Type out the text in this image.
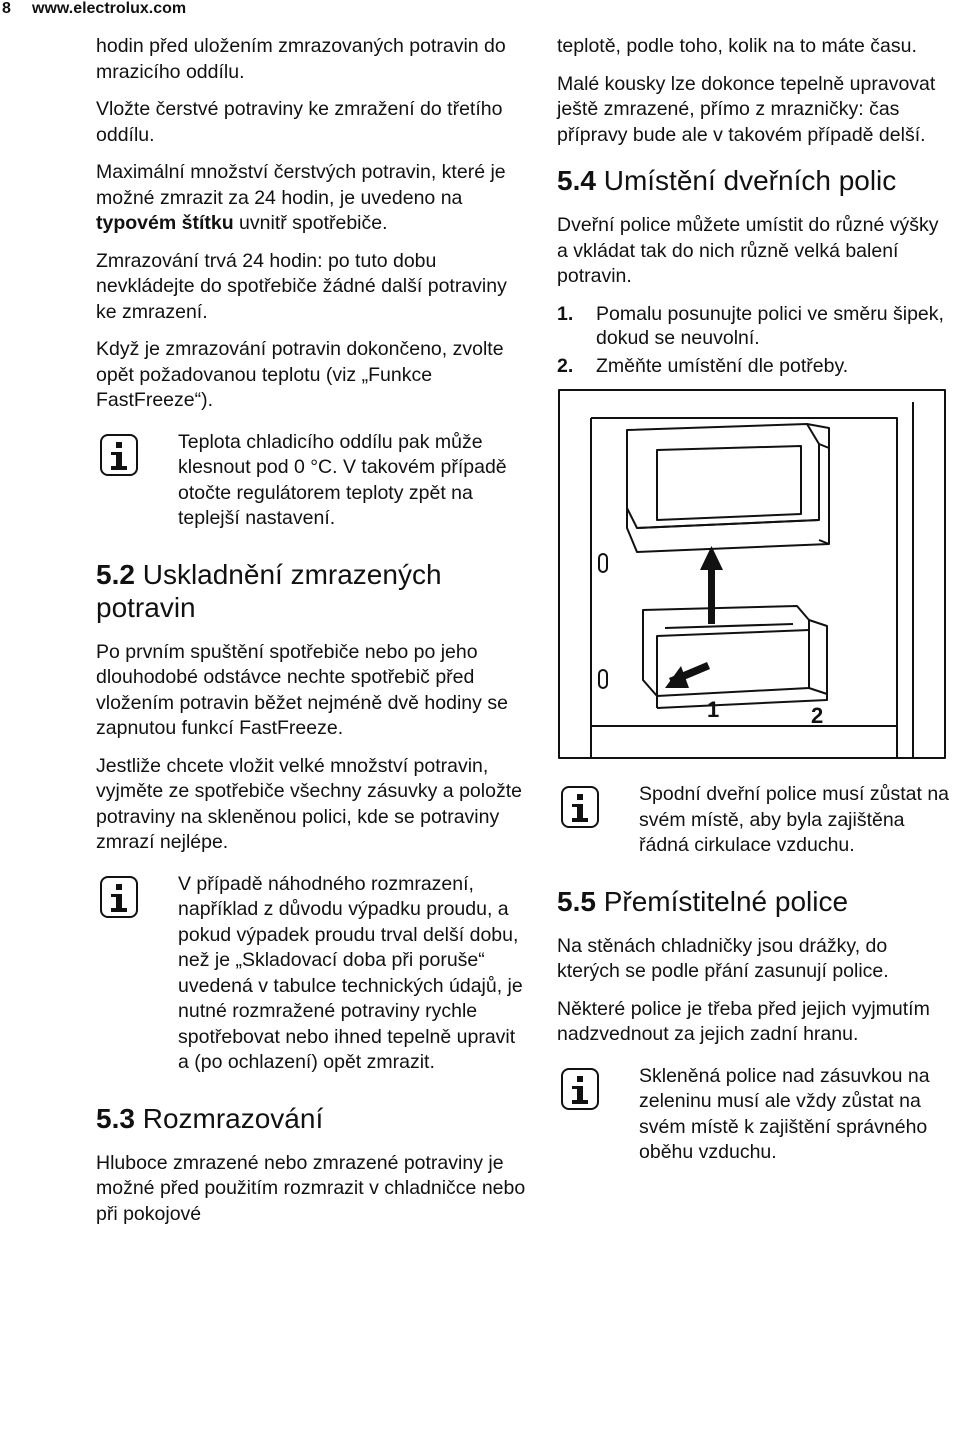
8 www.electrolux.com

hodin před uložením zmrazovaných potravin do mrazicího oddílu.

Vložte čerstvé potraviny ke zmražení do třetího oddílu.

Maximální množství čerstvých potravin, které je možné zmrazit za 24 hodin, je uvedeno na typovém štítku uvnitř spotřebiče.

Zmrazování trvá 24 hodin: po tuto dobu nevkládejte do spotřebiče žádné další potraviny ke zmrazení.

Když je zmrazování potravin dokončeno, zvolte opět požadovanou teplotu (viz „Funkce FastFreeze“).

Teplota chladicího oddílu pak může klesnout pod 0 °C. V takovém případě otočte regulátorem teploty zpět na teplejší nastavení.

5.2 Uskladnění zmrazených potravin

Po prvním spuštění spotřebiče nebo po jeho dlouhodobé odstávce nechte spotřebič před vložením potravin běžet nejméně dvě hodiny se zapnutou funkcí FastFreeze.

Jestliže chcete vložit velké množství potravin, vyjměte ze spotřebiče všechny zásuvky a položte potraviny na skleněnou polici, kde se potraviny zmrazí nejlépe.

V případě náhodného rozmrazení, například z důvodu výpadku proudu, a pokud výpadek proudu trval delší dobu, než je „Skladovací doba při poruše“ uvedená v tabulce technických údajů, je nutné rozmražené potraviny rychle spotřebovat nebo ihned tepelně upravit a (po ochlazení) opět zmrazit.

5.3 Rozmrazování

Hluboce zmrazené nebo zmrazené potraviny je možné před použitím rozmrazit v chladničce nebo při pokojové

teplotě, podle toho, kolik na to máte času.

Malé kousky lze dokonce tepelně upravovat ještě zmrazené, přímo z mrazničky: čas přípravy bude ale v takovém případě delší.

5.4 Umístění dveřních polic

Dveřní police můžete umístit do různé výšky a vkládat tak do nich různě velká balení potravin.

1. Pomalu posunujte polici ve směru šipek, dokud se neuvolní.
2. Změňte umístění dle potřeby.
1	2

Spodní dveřní police musí zůstat na svém místě, aby byla zajištěna řádná cirkulace vzduchu.

5.5 Přemístitelné police

Na stěnách chladničky jsou drážky, do kterých se podle přání zasunují police.

Některé police je třeba před jejich vyjmutím nadzvednout za jejich zadní hranu.

Skleněná police nad zásuvkou na zeleninu musí ale vždy zůstat na svém místě k zajištění správného oběhu vzduchu.
